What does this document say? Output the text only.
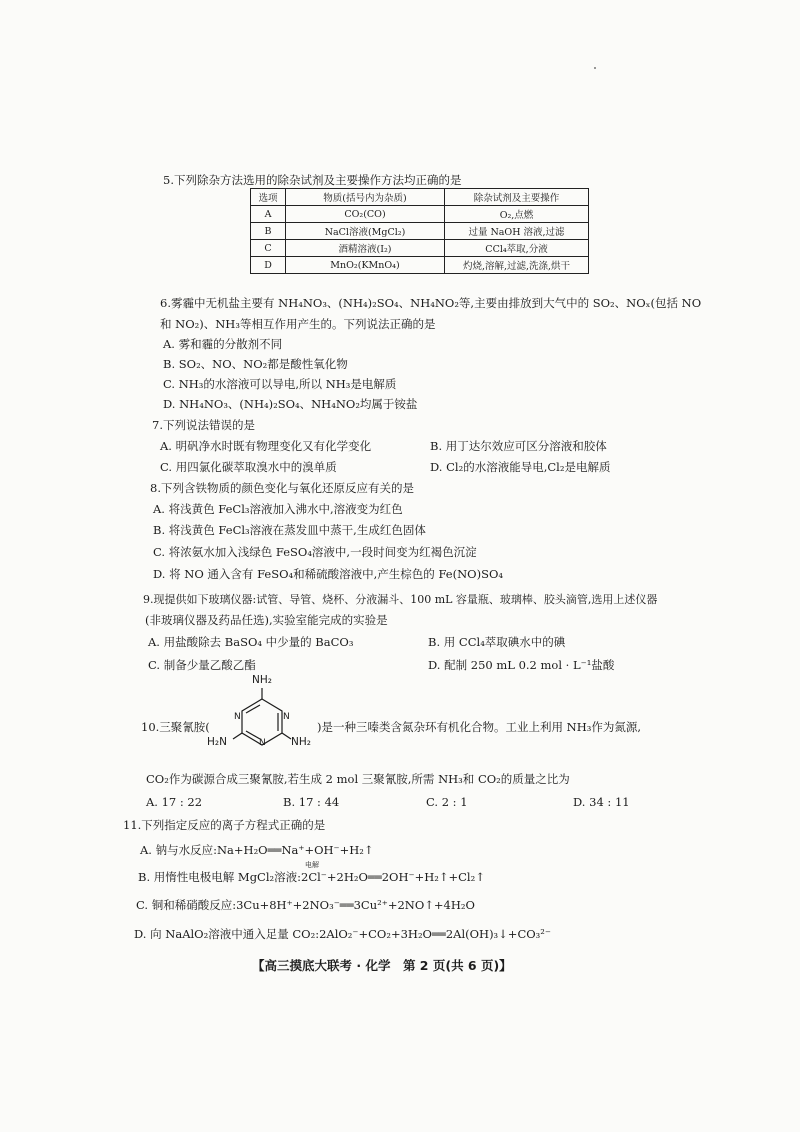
5.下列除杂方法选用的除杂试剂及主要操作方法均正确的是
选项	物质(括号内为杂质)	除杂试剂及主要操作
A	CO₂(CO)	O₂,点燃
B	NaCl溶液(MgCl₂)	过量 NaOH 溶液,过滤
C	酒精溶液(I₂)	CCl₄萃取,分液
D	MnO₂(KMnO₄)	灼烧,溶解,过滤,洗涤,烘干
6.雾霾中无机盐主要有 NH₄NO₃、(NH₄)₂SO₄、NH₄NO₂等,主要由排放到大气中的 SO₂、NOₓ(包括 NO
和 NO₂)、NH₃等相互作用产生的。下列说法正确的是
A. 雾和霾的分散剂不同
B. SO₂、NO、NO₂都是酸性氧化物
C. NH₃的水溶液可以导电,所以 NH₃是电解质
D. NH₄NO₃、(NH₄)₂SO₄、NH₄NO₂均属于铵盐
7.下列说法错误的是
A. 明矾净水时既有物理变化又有化学变化	B. 用丁达尔效应可区分溶液和胶体
C. 用四氯化碳萃取溴水中的溴单质	D. Cl₂的水溶液能导电,Cl₂是电解质
8.下列含铁物质的颜色变化与氧化还原反应有关的是
A. 将浅黄色 FeCl₃溶液加入沸水中,溶液变为红色
B. 将浅黄色 FeCl₃溶液在蒸发皿中蒸干,生成红色固体
C. 将浓氨水加入浅绿色 FeSO₄溶液中,一段时间变为红褐色沉淀
D. 将 NO 通入含有 FeSO₄和稀硫酸溶液中,产生棕色的 Fe(NO)SO₄
9.现提供如下玻璃仪器:试管、导管、烧杯、分液漏斗、100 mL 容量瓶、玻璃棒、胶头滴管,选用上述仪器
(非玻璃仪器及药品任选),实验室能完成的实验是
A. 用盐酸除去 BaSO₄ 中少量的 BaCO₃	B. 用 CCl₄萃取碘水中的碘
C. 制备少量乙酸乙酯	D. 配制 250 mL 0.2 mol · L⁻¹盐酸
10.三聚氰胺(
NH₂
H₂N	NH₂
N
N
N
)是一种三嗪类含氮杂环有机化合物。工业上利用 NH₃作为氮源,
CO₂作为碳源合成三聚氰胺,若生成 2 mol 三聚氰胺,所需 NH₃和 CO₂的质量之比为
A. 17 : 22	B. 17 : 44	C. 2 : 1	D. 34 : 11
11.下列指定反应的离子方程式正确的是
A. 钠与水反应:Na+H₂O══Na⁺+OH⁻+H₂↑
电解
B. 用惰性电极电解 MgCl₂溶液:2Cl⁻+2H₂O══2OH⁻+H₂↑+Cl₂↑
C. 铜和稀硝酸反应:3Cu+8H⁺+2NO₃⁻══3Cu²⁺+2NO↑+4H₂O
D. 向 NaAlO₂溶液中通入足量 CO₂:2AlO₂⁻+CO₂+3H₂O══2Al(OH)₃↓+CO₃²⁻
【高三摸底大联考 · 化学　第 2 页(共 6 页)】
